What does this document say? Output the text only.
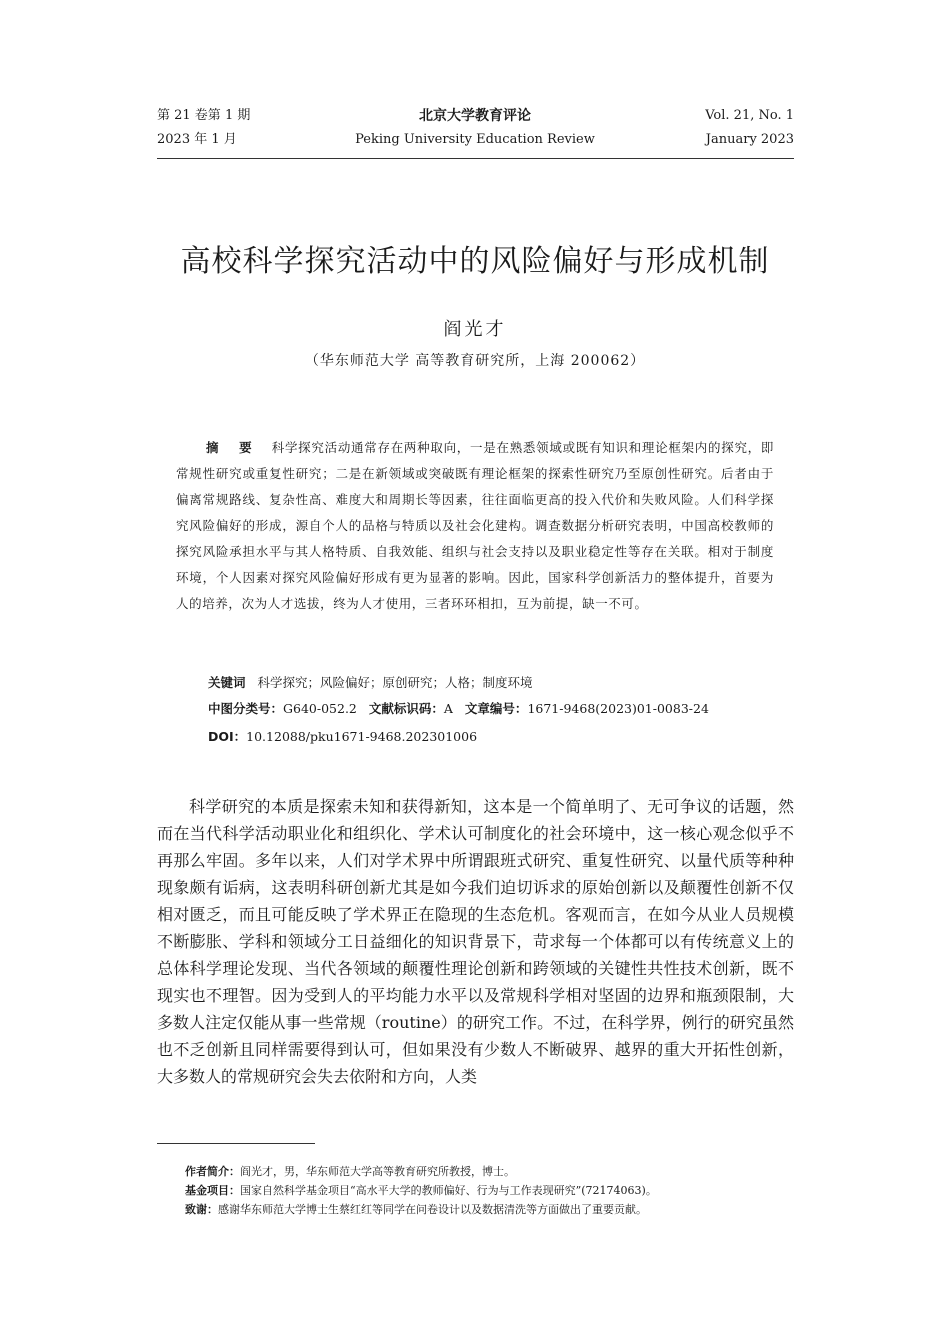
第 21 卷第 1 期
2023 年 1 月
北京大学教育评论
Peking University Education Review
Vol. 21, No. 1
January 2023
高校科学探究活动中的风险偏好与形成机制
阎光才
（华东师范大学 高等教育研究所，上海 200062）
摘 要 科学探究活动通常存在两种取向，一是在熟悉领域或既有知识和理论框架内的探究，即常规性研究或重复性研究；二是在新领域或突破既有理论框架的探索性研究乃至原创性研究。后者由于偏离常规路线、复杂性高、难度大和周期长等因素，往往面临更高的投入代价和失败风险。人们科学探究风险偏好的形成，源自个人的品格与特质以及社会化建构。调查数据分析研究表明，中国高校教师的探究风险承担水平与其人格特质、自我效能、组织与社会支持以及职业稳定性等存在关联。相对于制度环境，个人因素对探究风险偏好形成有更为显著的影响。因此，国家科学创新活力的整体提升，首要为人的培养，次为人才选拔，终为人才使用，三者环环相扣，互为前提，缺一不可。
关键词 科学探究；风险偏好；原创研究；人格；制度环境
中图分类号：G640-052.2 文献标识码：A 文章编号：1671-9468(2023)01-0083-24
DOI：10.12088/pku1671-9468.202301006
科学研究的本质是探索未知和获得新知，这本是一个简单明了、无可争议的话题，然而在当代科学活动职业化和组织化、学术认可制度化的社会环境中，这一核心观念似乎不再那么牢固。多年以来，人们对学术界中所谓跟班式研究、重复性研究、以量代质等种种现象颇有诟病，这表明科研创新尤其是如今我们迫切诉求的原始创新以及颠覆性创新不仅相对匮乏，而且可能反映了学术界正在隐现的生态危机。客观而言，在如今从业人员规模不断膨胀、学科和领域分工日益细化的知识背景下，苛求每一个体都可以有传统意义上的总体科学理论发现、当代各领域的颠覆性理论创新和跨领域的关键性共性技术创新，既不现实也不理智。因为受到人的平均能力水平以及常规科学相对坚固的边界和瓶颈限制，大多数人注定仅能从事一些常规（routine）的研究工作。不过，在科学界，例行的研究虽然也不乏创新且同样需要得到认可，但如果没有少数人不断破界、越界的重大开拓性创新，大多数人的常规研究会失去依附和方向，人类
作者简介：阎光才，男，华东师范大学高等教育研究所教授，博士。
基金项目：国家自然科学基金项目“高水平大学的教师偏好、行为与工作表现研究”(72174063)。
致谢：感谢华东师范大学博士生蔡红红等同学在问卷设计以及数据清洗等方面做出了重要贡献。
